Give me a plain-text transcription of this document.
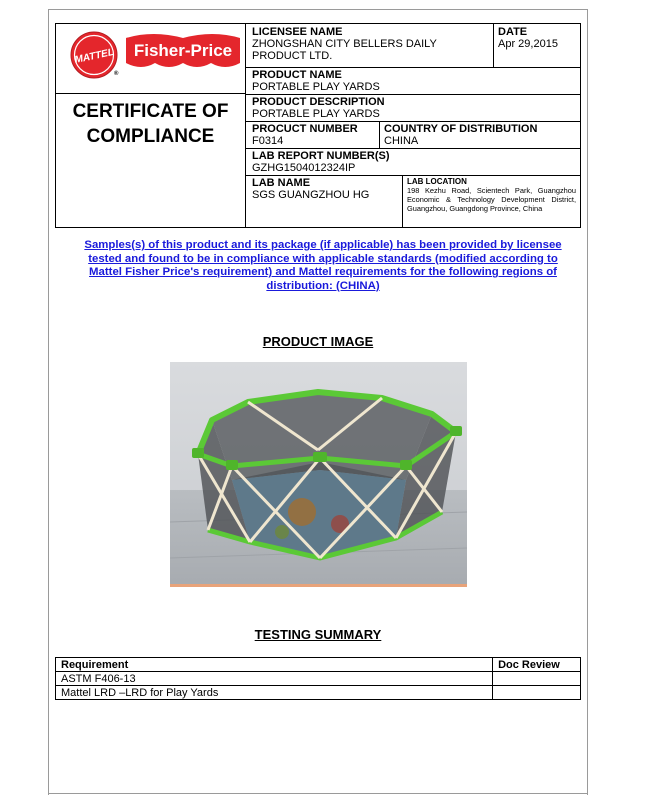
MATTEL
®
Fisher-Price
CERTIFICATE OF
COMPLIANCE
LICENSEE NAME
ZHONGSHAN CITY BELLERS DAILY
PRODUCT LTD.
DATE
Apr 29,2015
PRODUCT NAME
PORTABLE PLAY YARDS
PRODUCT DESCRIPTION
PORTABLE PLAY YARDS
PROCUCT NUMBER
F0314
COUNTRY OF DISTRIBUTION
CHINA
LAB REPORT NUMBER(S)
GZHG1504012324IP
LAB NAME
SGS GUANGZHOU HG
LAB LOCATION
198 Kezhu Road, Scientech Park, Guangzhou Economic & Technology Development District, Guangzhou, Guangdong Province, China
Samples(s) of this product and its package (if applicable) has been provided by licensee tested and found to be in compliance with applicable standards (modified according to Mattel Fisher Price's requirement) and Mattel requirements for the following regions of distribution: (CHINA)
PRODUCT IMAGE
TESTING SUMMARY
Requirement	Doc Review
ASTM F406-13	
Mattel LRD –LRD for Play Yards	
